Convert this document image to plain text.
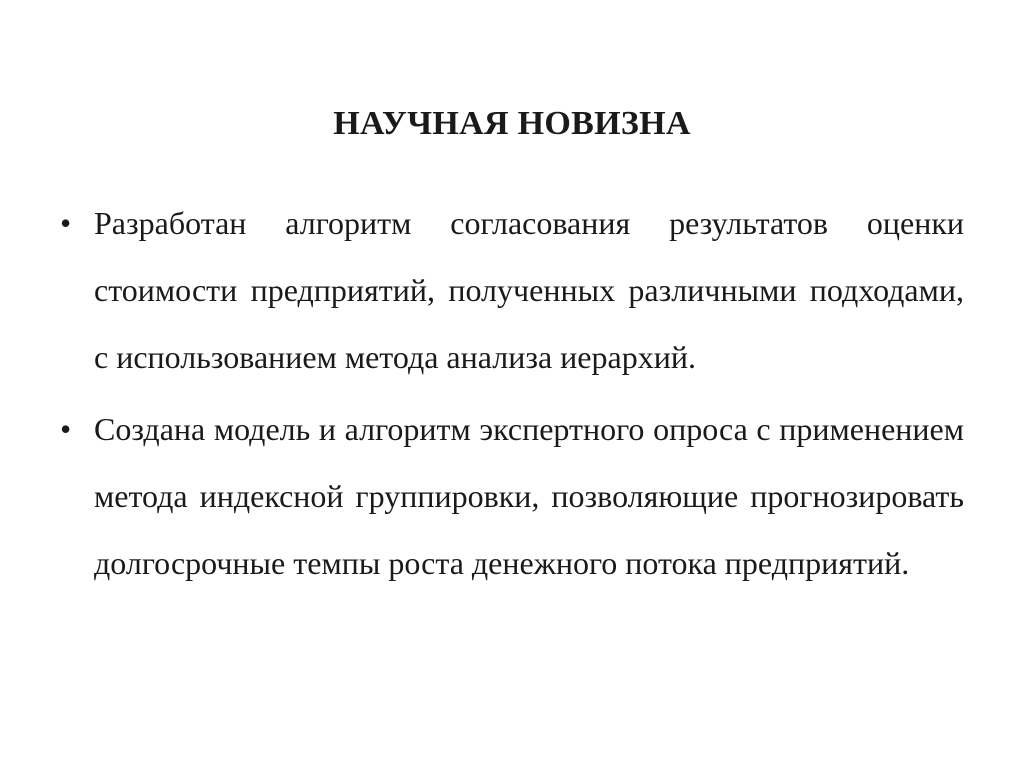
НАУЧНАЯ НОВИЗНА
• Разработан алгоритм согласования результатов оценки стоимости предприятий, полученных различными подходами, с использованием метода анализа иерархий.
• Создана модель и алгоритм экспертного опроса с применением метода индексной группировки, позволяющие прогнозировать долгосрочные темпы роста денежного потока предприятий.
